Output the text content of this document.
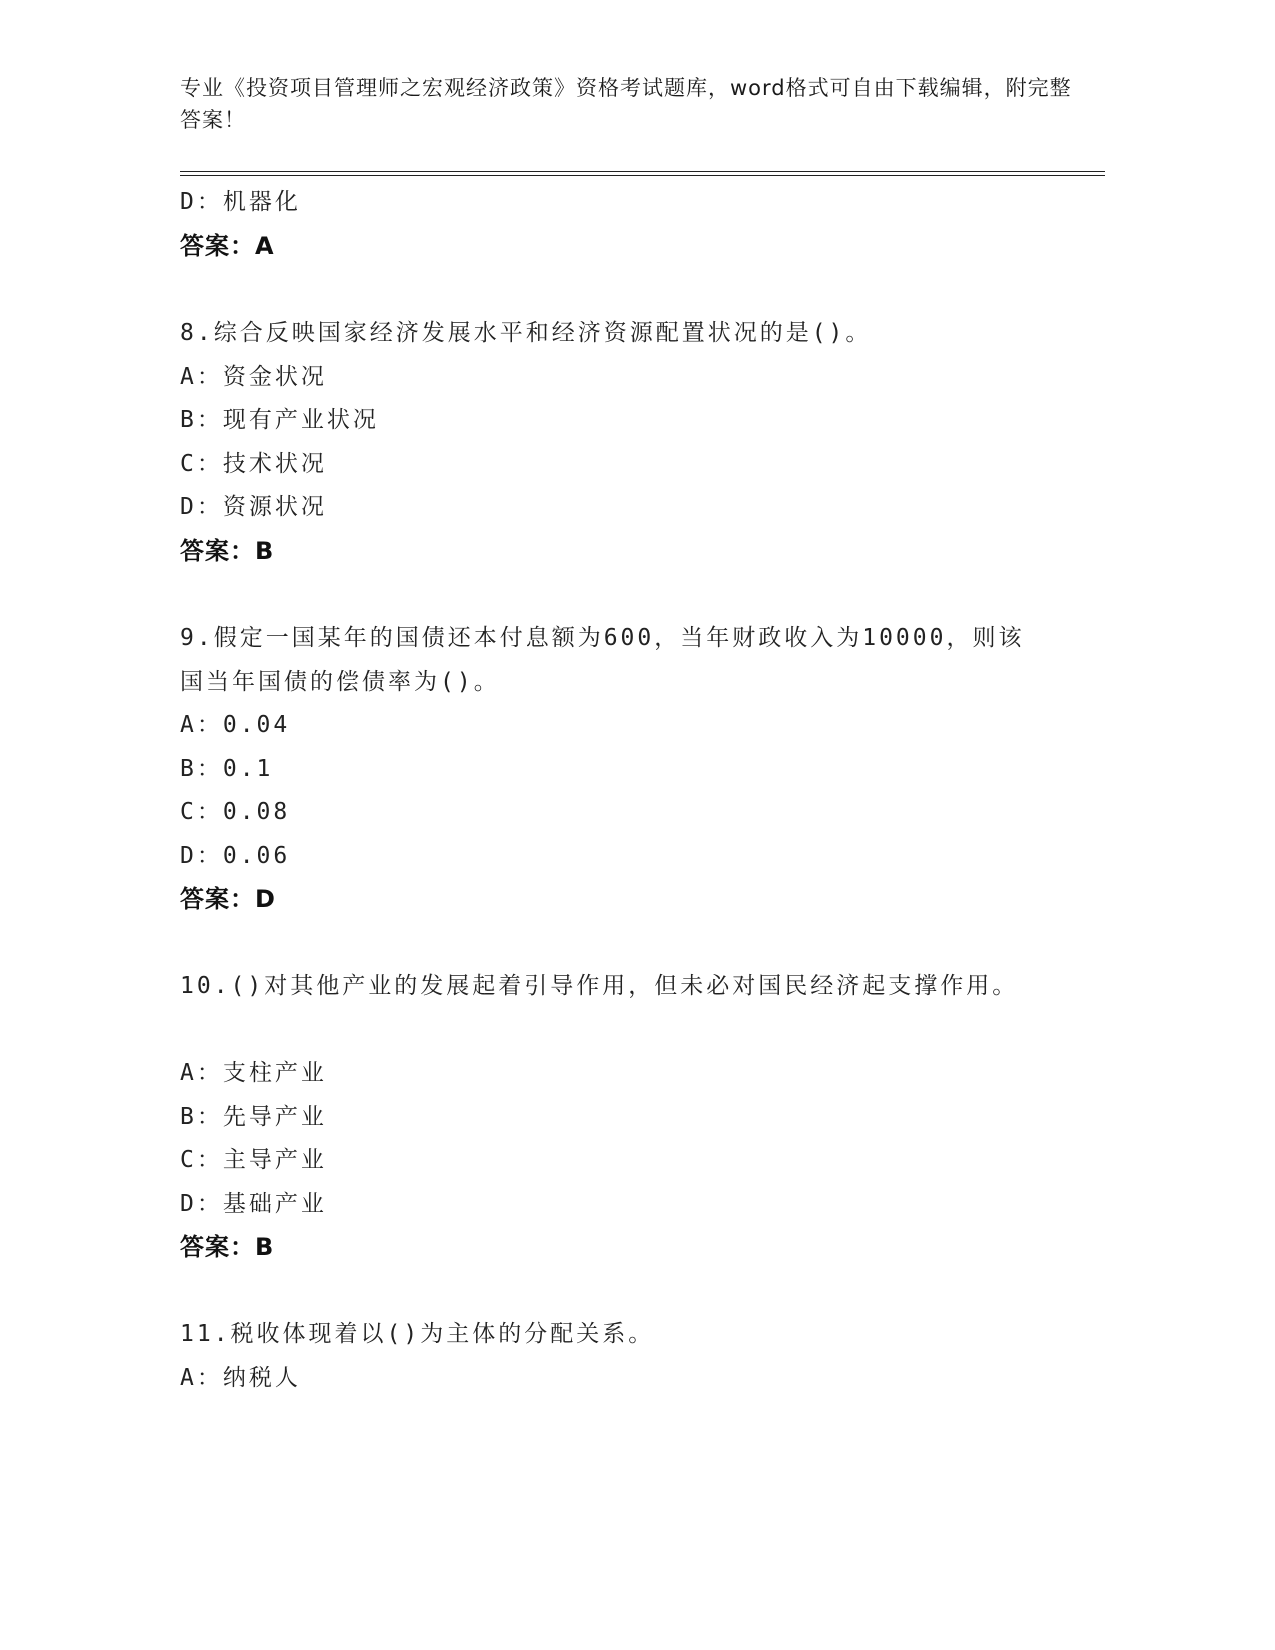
专业《投资项目管理师之宏观经济政策》资格考试题库，word格式可自由下载编辑，附完整答案！
D：机器化
答案：A
8.综合反映国家经济发展水平和经济资源配置状况的是()。
A：资金状况
B：现有产业状况
C：技术状况
D：资源状况
答案：B
9.假定一国某年的国债还本付息额为600，当年财政收入为10000，则该国当年国债的偿债率为()。
A：0.04
B：0.1
C：0.08
D：0.06
答案：D
10.()对其他产业的发展起着引导作用，但未必对国民经济起支撑作用。
A：支柱产业
B：先导产业
C：主导产业
D：基础产业
答案：B
11.税收体现着以()为主体的分配关系。
A：纳税人
